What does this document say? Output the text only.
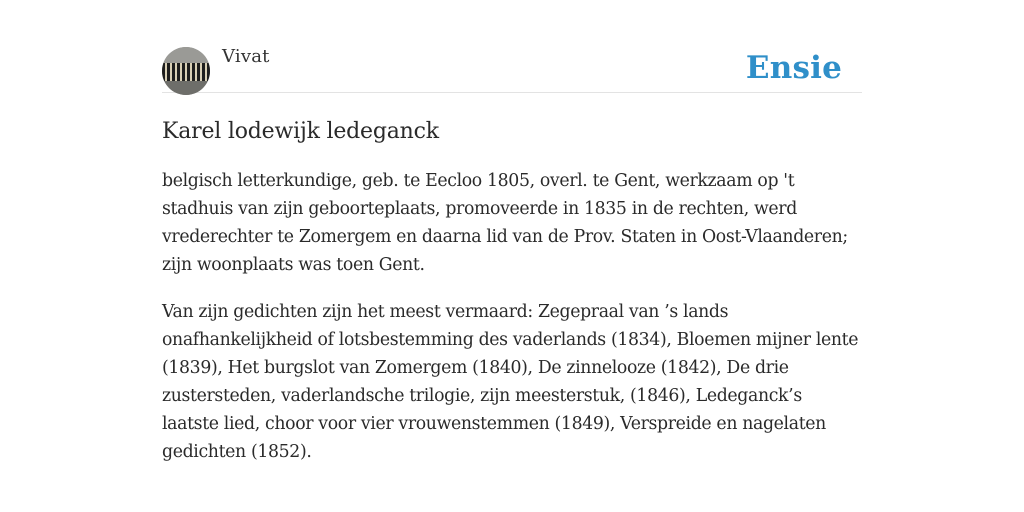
Vivat	Ensie
Karel lodewijk ledeganck

belgisch letterkundige, geb. te Eecloo 1805, overl. te Gent, werkzaam op 't stadhuis van zijn geboorteplaats, promoveerde in 1835 in de rechten, werd vrederechter te Zomergem en daarna lid van de Prov. Staten in Oost-Vlaanderen; zijn woonplaats was toen Gent.

Van zijn gedichten zijn het meest vermaard: Zegepraal van ’s lands onafhankelijkheid of lotsbestemming des vaderlands (1834), Bloemen mijner lente (1839), Het burgslot van Zomergem (1840), De zinnelooze (1842), De drie zustersteden, vaderlandsche trilogie, zijn meesterstuk, (1846), Ledeganck’s laatste lied, choor voor vier vrouwenstemmen (1849), Verspreide en nagelaten gedichten (1852).
